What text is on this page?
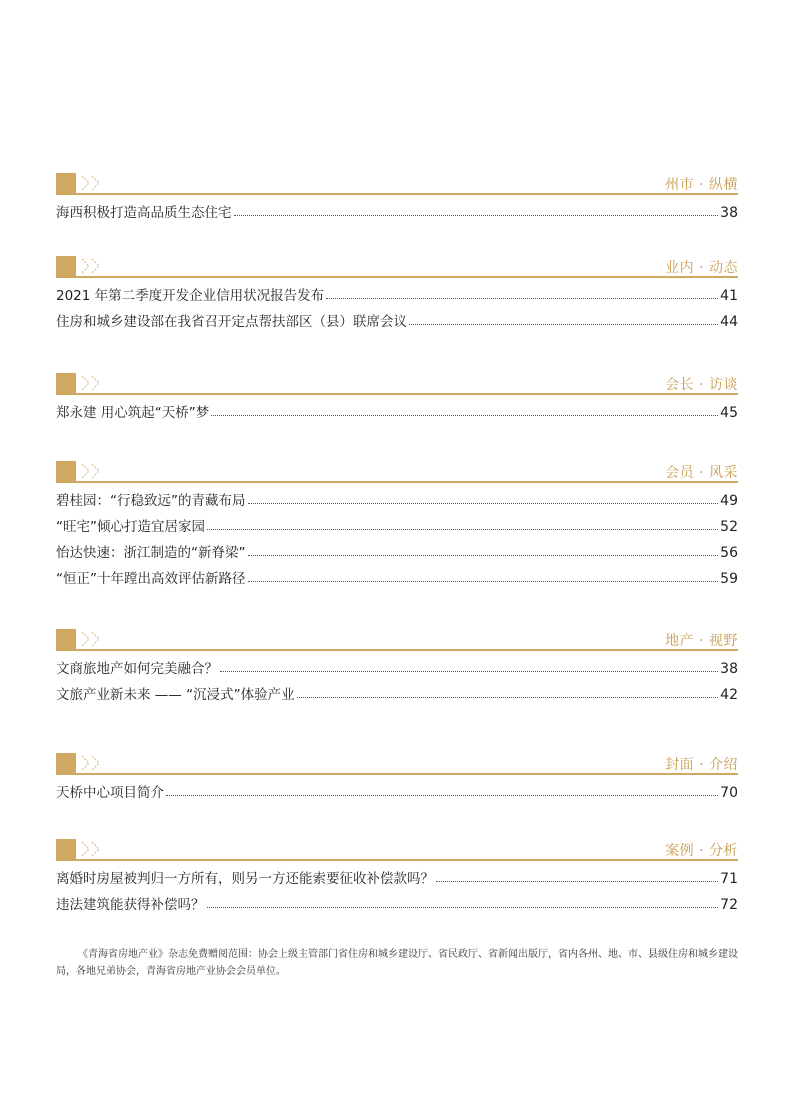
州市 · 纵横
海西积极打造高品质生态住宅	38
业内 · 动态
2021 年第二季度开发企业信用状况报告发布	41
住房和城乡建设部在我省召开定点帮扶部区（县）联席会议	44
会长 · 访谈
郑永建 用心筑起“天桥”梦	45
会员 · 风采
碧桂园：“行稳致远”的青藏布局	49
“旺宅”倾心打造宜居家园	52
怡达快速：浙江制造的“新脊梁”	56
“恒正”十年蹚出高效评估新路径	59
地产 · 视野
文商旅地产如何完美融合？	38
文旅产业新未来 —— “沉浸式”体验产业	42
封面 · 介绍
天桥中心项目简介	70
案例 · 分析
离婚时房屋被判归一方所有，则另一方还能索要征收补偿款吗？	71
违法建筑能获得补偿吗？	72
《青海省房地产业》杂志免费赠阅范围：协会上级主管部门省住房和城乡建设厅、省民政厅、省新闻出版厅，省内各州、地、市、县级住房和城乡建设局，各地兄弟协会，青海省房地产业协会会员单位。
